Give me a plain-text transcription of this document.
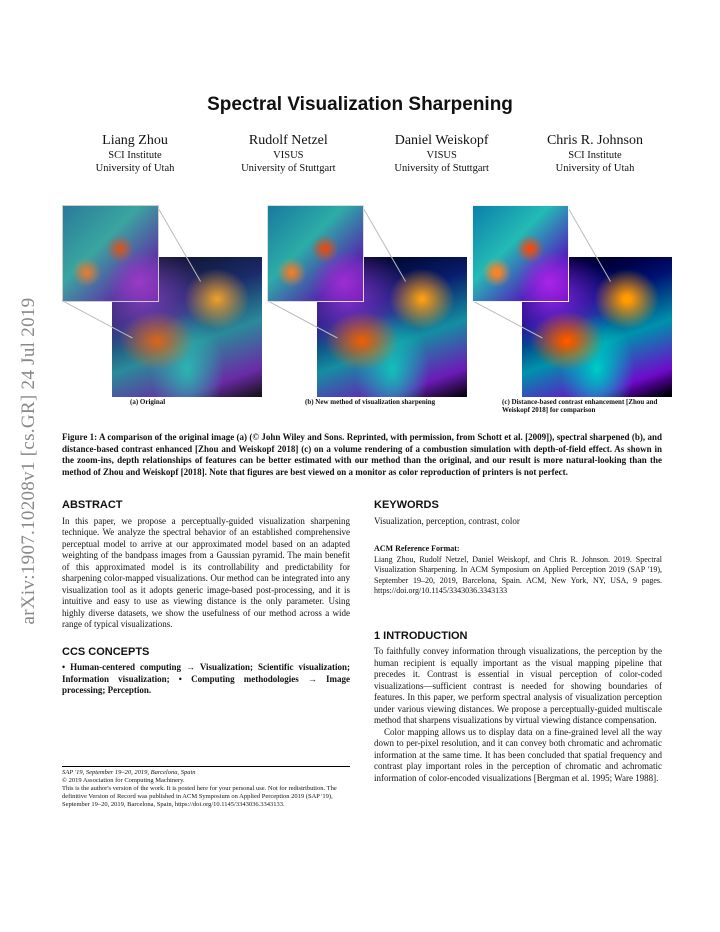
arXiv:1907.10208v1 [cs.GR] 24 Jul 2019
Spectral Visualization Sharpening
Liang Zhou
SCI Institute
University of Utah
Rudolf Netzel
VISUS
University of Stuttgart
Daniel Weiskopf
VISUS
University of Stuttgart
Chris R. Johnson
SCI Institute
University of Utah
(a) Original	(b) New method of visualization sharpening	(c) Distance-based contrast enhancement [Zhou and Weiskopf 2018] for comparison
Figure 1: A comparison of the original image (a) (© John Wiley and Sons. Reprinted, with permission, from Schott et al. [2009]), spectral sharpened (b), and distance-based contrast enhanced [Zhou and Weiskopf 2018] (c) on a volume rendering of a combustion simulation with depth-of-field effect. As shown in the zoom-ins, depth relationships of features can be better estimated with our method than the original, and our result is more natural-looking than the method of Zhou and Weiskopf [2018]. Note that figures are best viewed on a monitor as color reproduction of printers is not perfect.
ABSTRACT

In this paper, we propose a perceptually-guided visualization sharpening technique. We analyze the spectral behavior of an established comprehensive perceptual model to arrive at our approximated model based on an adapted weighting of the bandpass images from a Gaussian pyramid. The main benefit of this approximated model is its controllability and predictability for sharpening color-mapped visualizations. Our method can be integrated into any visualization tool as it adopts generic image-based post-processing, and it is intuitive and easy to use as viewing distance is the only parameter. Using highly diverse datasets, we show the usefulness of our method across a wide range of typical visualizations.

CCS CONCEPTS

• Human-centered computing → Visualization; Scientific visualization; Information visualization; • Computing methodologies → Image processing; Perception.

SAP '19, September 19–20, 2019, Barcelona, Spain
© 2019 Association for Computing Machinery.
This is the author's version of the work. It is posted here for your personal use. Not for redistribution. The definitive Version of Record was published in ACM Symposium on Applied Perception 2019 (SAP '19), September 19–20, 2019, Barcelona, Spain, https://doi.org/10.1145/3343036.3343133.
KEYWORDS

Visualization, perception, contrast, color

ACM Reference Format:

Liang Zhou, Rudolf Netzel, Daniel Weiskopf, and Chris R. Johnson. 2019. Spectral Visualization Sharpening. In ACM Symposium on Applied Perception 2019 (SAP '19), September 19–20, 2019, Barcelona, Spain. ACM, New York, NY, USA, 9 pages. https://doi.org/10.1145/3343036.3343133

1 INTRODUCTION

To faithfully convey information through visualizations, the perception by the human recipient is equally important as the visual mapping pipeline that precedes it. Contrast is essential in visual perception of color-coded visualizations—sufficient contrast is needed for showing boundaries of features. In this paper, we perform spectral analysis of visualization perception under various viewing distances. We propose a perceptually-guided multiscale method that sharpens visualizations by virtual viewing distance compensation.

Color mapping allows us to display data on a fine-grained level all the way down to per-pixel resolution, and it can convey both chromatic and achromatic information at the same time. It has been concluded that spatial frequency and contrast play important roles in the perception of chromatic and achromatic information of color-encoded visualizations [Bergman et al. 1995; Ware 1988].
